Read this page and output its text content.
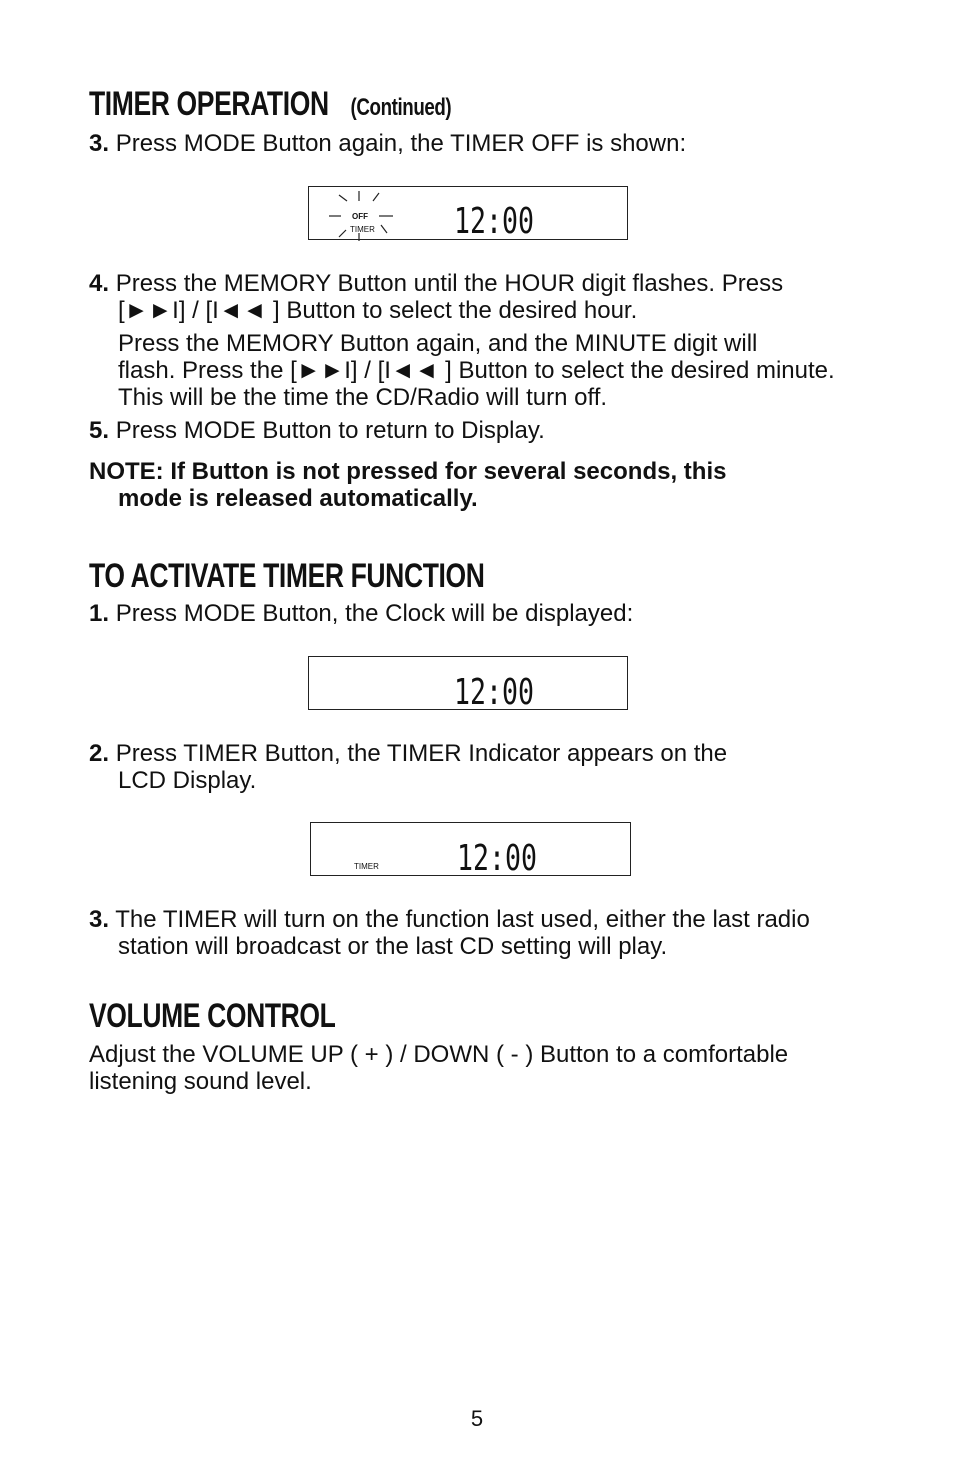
TIMER OPERATION (Continued)

3. Press MODE Button again, the TIMER OFF is shown:

OFF
TIMER 12:00

4. Press the MEMORY Button until the HOUR digit flashes. Press

[►►I] / [I◄◄ ] Button to select the desired hour.

Press the MEMORY Button again, and the MINUTE digit will

flash. Press the [►►I] / [I◄◄ ] Button to select the desired minute.

This will be the time the CD/Radio will turn off.

5. Press MODE Button to return to Display.

NOTE: If Button is not pressed for several seconds, this

mode is released automatically.

TO ACTIVATE TIMER FUNCTION

1. Press MODE Button, the Clock will be displayed:

12:00

2. Press TIMER Button, the TIMER Indicator appears on the

LCD Display.

TIMER 12:00

3. The TIMER will turn on the function last used, either the last radio

station will broadcast or the last CD setting will play.

VOLUME CONTROL

Adjust the VOLUME UP ( + ) / DOWN ( - ) Button to a comfortable

listening sound level.

5
